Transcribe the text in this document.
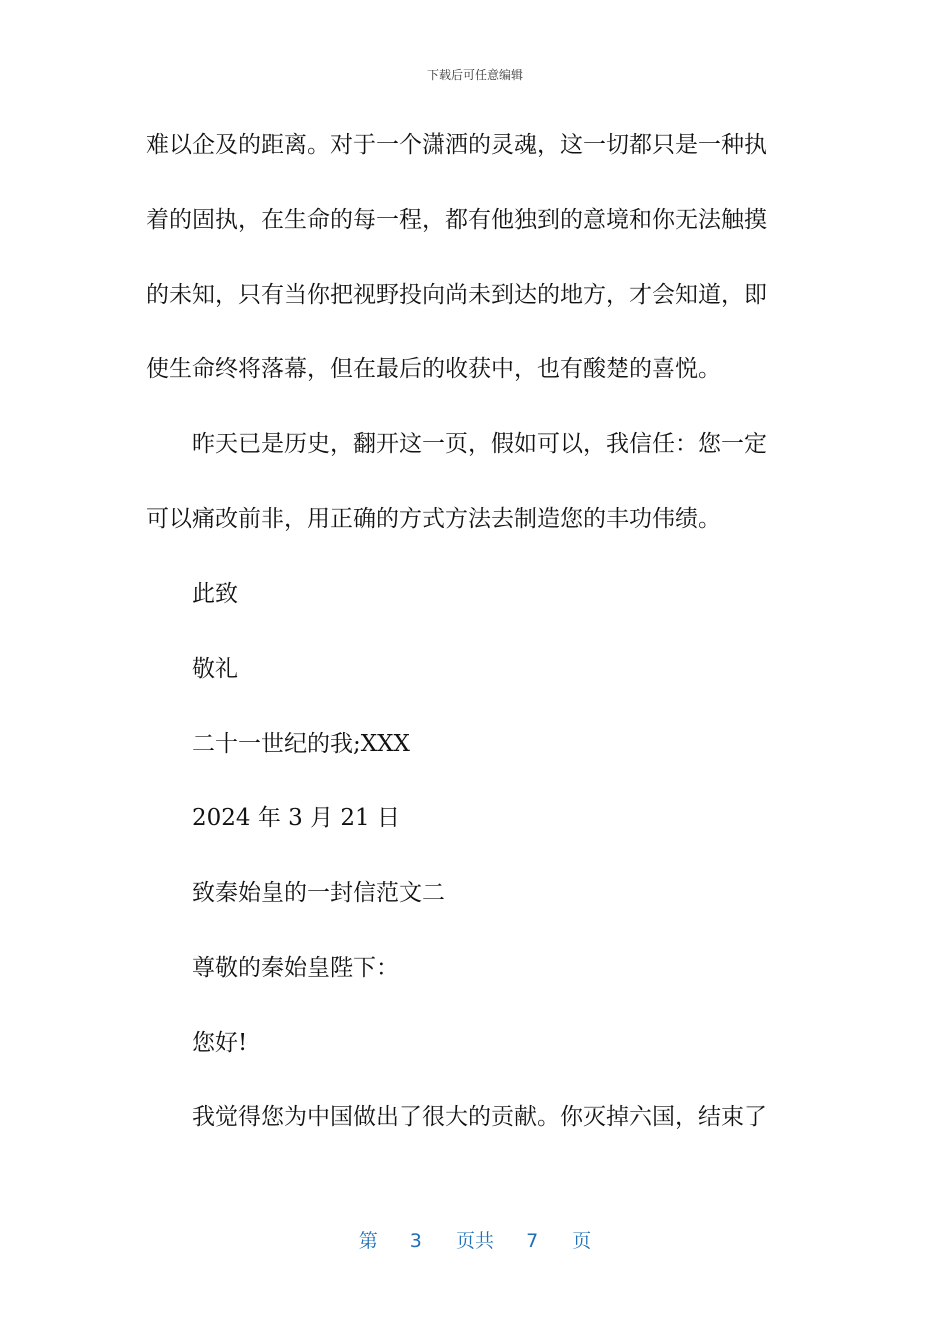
下载后可任意编辑
难以企及的距离。对于一个潇洒的灵魂，这一切都只是一种执
着的固执，在生命的每一程，都有他独到的意境和你无法触摸
的未知，只有当你把视野投向尚未到达的地方，才会知道，即
使生命终将落幕，但在最后的收获中，也有酸楚的喜悦。
昨天已是历史，翻开这一页，假如可以，我信任：您一定
可以痛改前非，用正确的方式方法去制造您的丰功伟绩。
此致
敬礼
二十一世纪的我;XXX
2024 年 3 月 21 日
致秦始皇的一封信范文二
尊敬的秦始皇陛下：
您好!
我觉得您为中国做出了很大的贡献。你灭掉六国，结束了
第 3 页共 7 页
